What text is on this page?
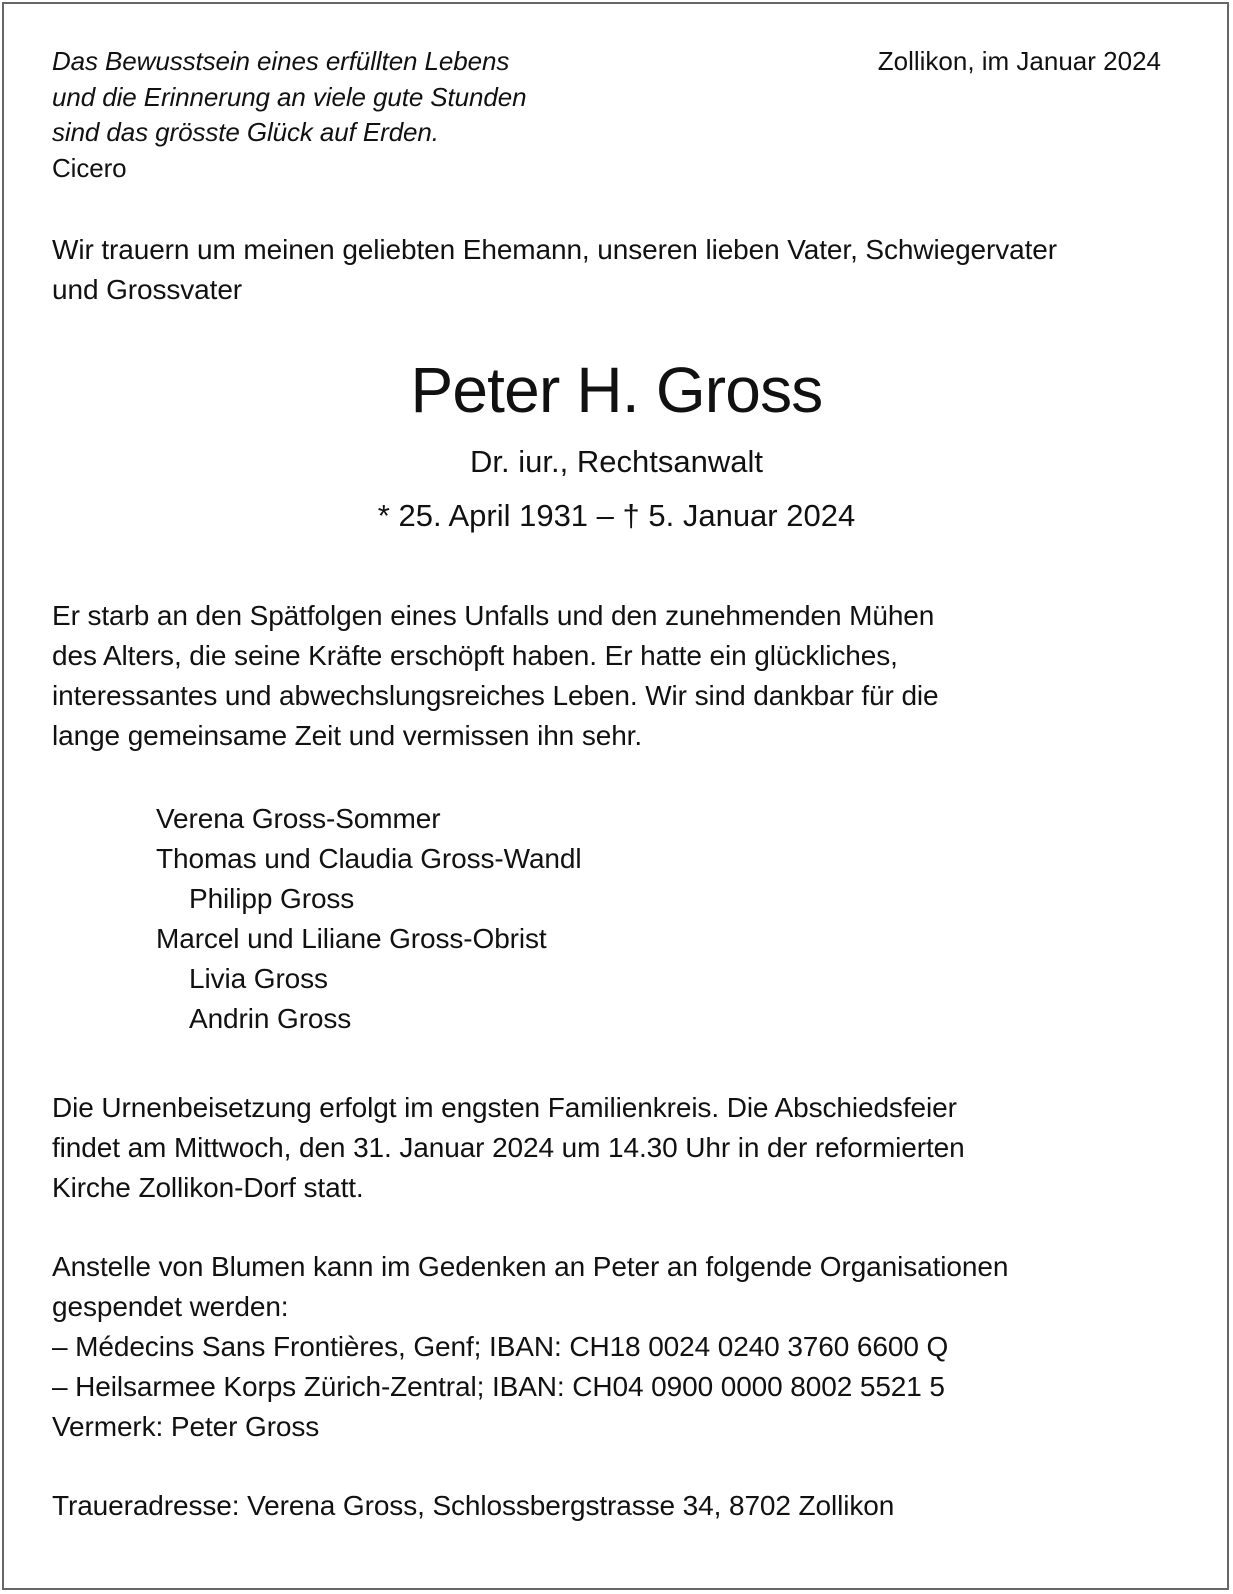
Das Bewusstsein eines erfüllten Lebens
und die Erinnerung an viele gute Stunden
sind das grösste Glück auf Erden.
Cicero
Zollikon, im Januar 2024
Wir trauern um meinen geliebten Ehemann, unseren lieben Vater, Schwiegervater
und Grossvater
Peter H. Gross
Dr. iur., Rechtsanwalt
* 25. April 1931 – † 5. Januar 2024
Er starb an den Spätfolgen eines Unfalls und den zunehmenden Mühen
des Alters, die seine Kräfte erschöpft haben. Er hatte ein glückliches,
interessantes und abwechslungsreiches Leben. Wir sind dankbar für die
lange gemeinsame Zeit und vermissen ihn sehr.
Verena Gross-Sommer
Thomas und Claudia Gross-Wandl
Philipp Gross
Marcel und Liliane Gross-Obrist
Livia Gross
Andrin Gross
Die Urnenbeisetzung erfolgt im engsten Familienkreis. Die Abschiedsfeier
findet am Mittwoch, den 31. Januar 2024 um 14.30 Uhr in der reformierten
Kirche Zollikon-Dorf statt.
Anstelle von Blumen kann im Gedenken an Peter an folgende Organisationen
gespendet werden:
– Médecins Sans Frontières, Genf; IBAN: CH18 0024 0240 3760 6600 Q
– Heilsarmee Korps Zürich-Zentral; IBAN: CH04 0900 0000 8002 5521 5
Vermerk: Peter Gross
Traueradresse: Verena Gross, Schlossbergstrasse 34, 8702 Zollikon
